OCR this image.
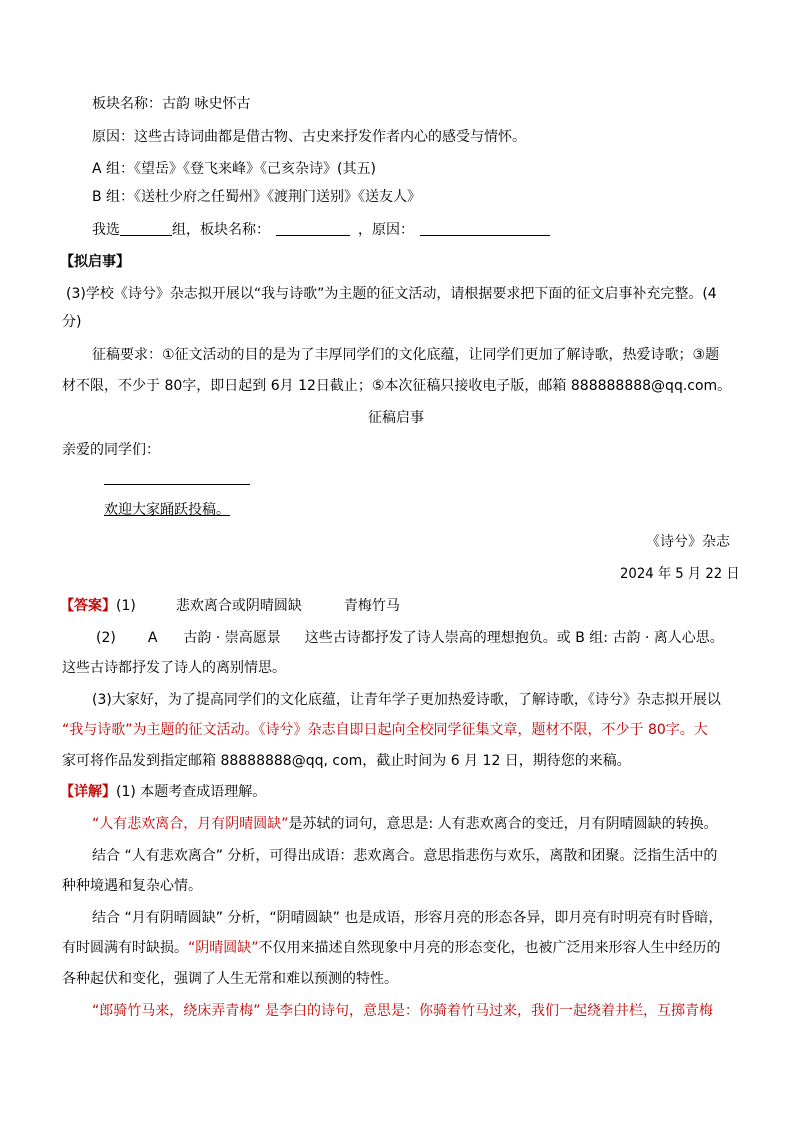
板块名称：古韵 咏史怀古
原因：这些古诗词曲都是借古物、古史来抒发作者内心的感受与情怀。
A 组：《望岳》《登飞来峰》《己亥杂诗》(其五)
B 组：《送杜少府之任蜀州》《渡荆门送别》《送友人》
我选	组，板块名称：	，原因：
【拟启事】
(3)学校《诗兮》杂志拟开展以“我与诗歌”为主题的征文活动，请根据要求把下面的征文启事补充完整。(4
分)
征稿要求：①征文活动的目的是为了丰厚同学们的文化底蕴，让同学们更加了解诗歌，热爱诗歌；③题
材不限，不少于 80字，即日起到 6月 12日截止；⑤本次征稿只接收电子版，邮箱 888888888@qq.com。
征稿启事
亲爱的同学们：
欢迎大家踊跃投稿。
《诗兮》杂志
2024 年 5 月 22 日
【答案】(1)	悲欢离合或阴晴圆缺	青梅竹马
(2) A 古韵 · 崇高愿景 这些古诗都抒发了诗人崇高的理想抱负。或 B 组: 古韵 · 离人心思。
这些古诗都抒发了诗人的离别情思。
(3)大家好，为了提高同学们的文化底蕴，让青年学子更加热爱诗歌，了解诗歌，《诗兮》杂志拟开展以
“我与诗歌”为主题的征文活动。《诗兮》杂志自即日起向全校同学征集文章，题材不限，不少于 80字。大
家可将作品发到指定邮箱 88888888@qq, com，截止时间为 6 月 12 日，期待您的来稿。
【详解】(1) 本题考查成语理解。
“人有悲欢离合，月有阴晴圆缺”是苏轼的词句，意思是: 人有悲欢离合的变迁，月有阴晴圆缺的转换。
结合 “人有悲欢离合” 分析，可得出成语：悲欢离合。意思指悲伤与欢乐，离散和团聚。泛指生活中的
种种境遇和复杂心情。
结合 “月有阴晴圆缺” 分析，“阴晴圆缺” 也是成语，形容月亮的形态各异，即月亮有时明亮有时昏暗，
有时圆满有时缺损。“阴晴圆缺”不仅用来描述自然现象中月亮的形态变化，也被广泛用来形容人生中经历的
各种起伏和变化，强调了人生无常和难以预测的特性。
“郎骑竹马来，绕床弄青梅” 是李白的诗句，意思是：你骑着竹马过来，我们一起绕着井栏，互掷青梅
